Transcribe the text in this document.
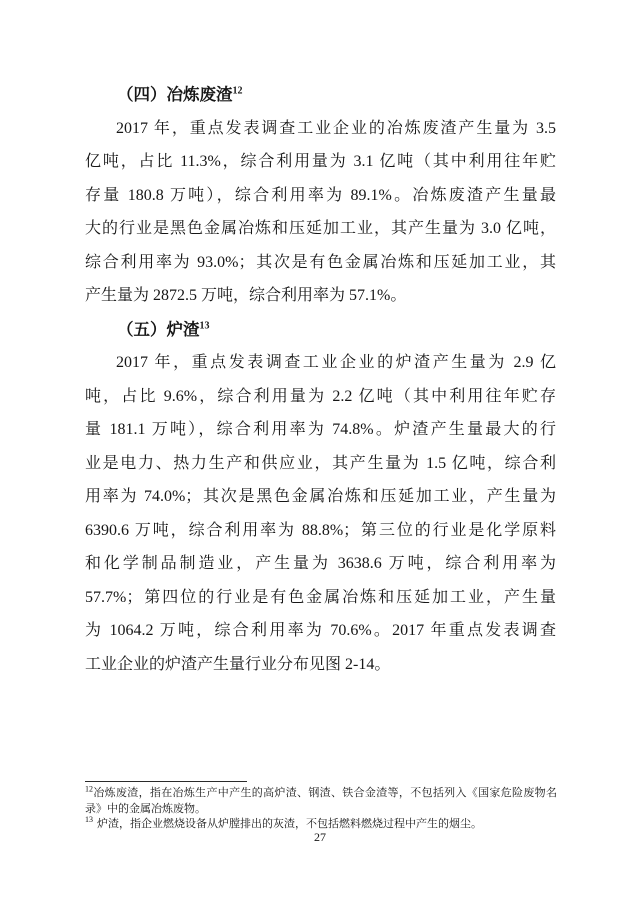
（四）冶炼废渣$^{12}$
2017 年，重点发表调查工业企业的冶炼废渣产生量为 3.5
亿吨，占比 11.3%，综合利用量为 3.1 亿吨（其中利用往年贮
存量 180.8 万吨），综合利用率为 89.1%。冶炼废渣产生量最
大的行业是黑色金属冶炼和压延加工业，其产生量为 3.0 亿吨，
综合利用率为 93.0%；其次是有色金属冶炼和压延加工业，其
产生量为 2872.5 万吨，综合利用率为 57.1%。
（五）炉渣$^{13}$
2017 年，重点发表调查工业企业的炉渣产生量为 2.9 亿
吨，占比 9.6%，综合利用量为 2.2 亿吨（其中利用往年贮存
量 181.1 万吨），综合利用率为 74.8%。炉渣产生量最大的行
业是电力、热力生产和供应业，其产生量为 1.5 亿吨，综合利
用率为 74.0%；其次是黑色金属冶炼和压延加工业，产生量为
6390.6 万吨，综合利用率为 88.8%；第三位的行业是化学原料
和化学制品制造业，产生量为 3638.6 万吨，综合利用率为
57.7%；第四位的行业是有色金属冶炼和压延加工业，产生量
为 1064.2 万吨，综合利用率为 70.6%。2017 年重点发表调查
工业企业的炉渣产生量行业分布见图 2-14。
$^{12}$冶炼废渣，指在冶炼生产中产生的高炉渣、钢渣、铁合金渣等，不包括列入《国家危险废物名录》中的金属冶炼废物。
$^{13}$ 炉渣，指企业燃烧设备从炉膛排出的灰渣，不包括燃料燃烧过程中产生的烟尘。
27
